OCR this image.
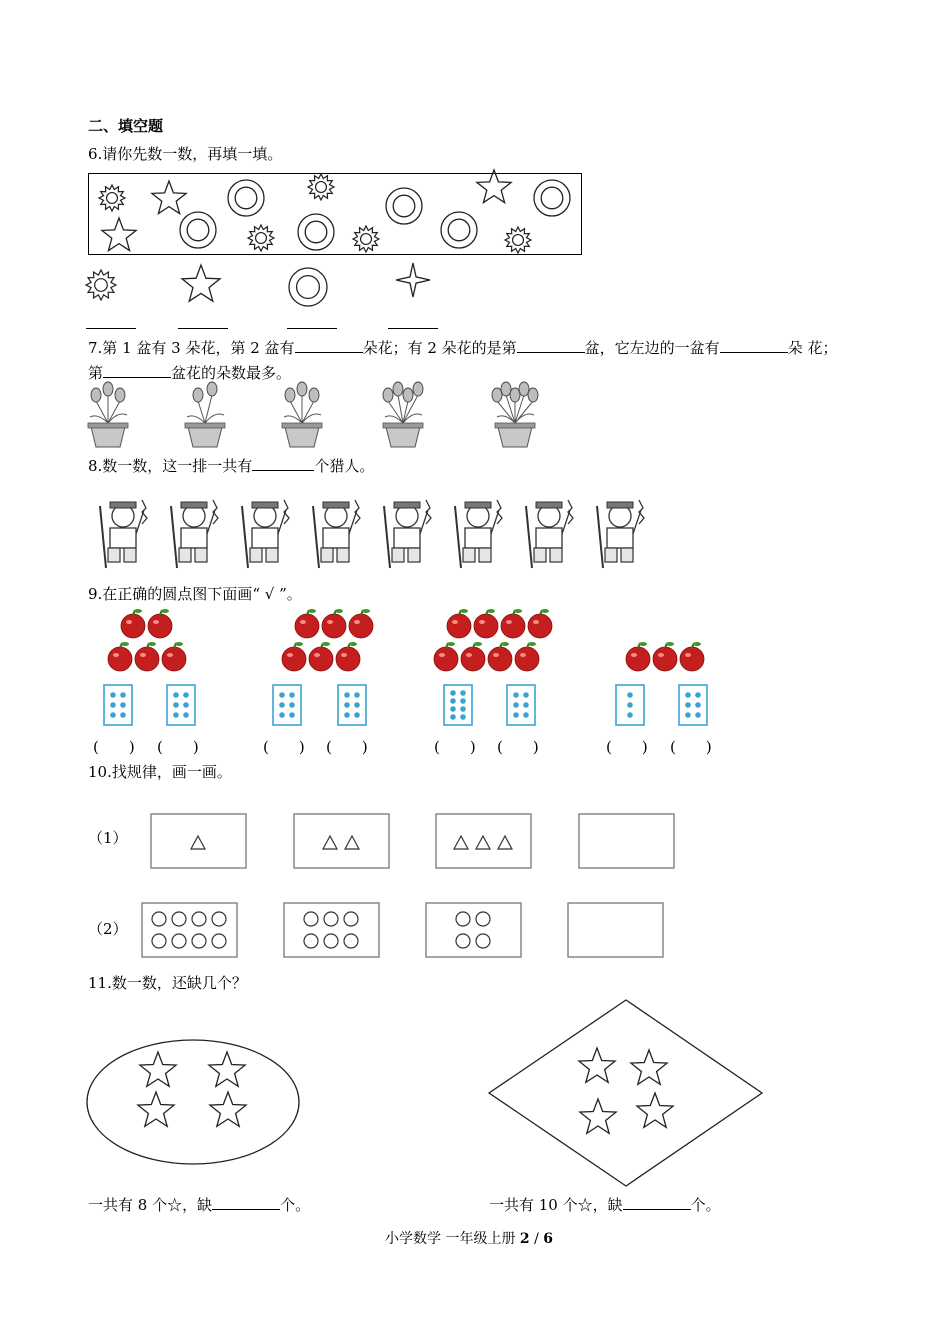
二、填空题
6.请你先数一数，再填一填。
7.第 1 盆有 3 朵花，第 2 盆有	朵花；有 2 朵花的是第	盆，它左边的一盆有	朵 花；
第	盆花的朵数最多。
8.数一数，这一排一共有	个猎人。
9.在正确的圆点图下面画“ √ ”。
(　　) (　　)	(　　) (　　)	(　　) (　　)	(　　) (　　)
10.找规律，画一画。
（1）
（2）
11.数一数，还缺几个？
一共有 8 个☆，缺	个。	一共有 10 个☆，缺	个。
小学数学 一年级上册 2 / 6
